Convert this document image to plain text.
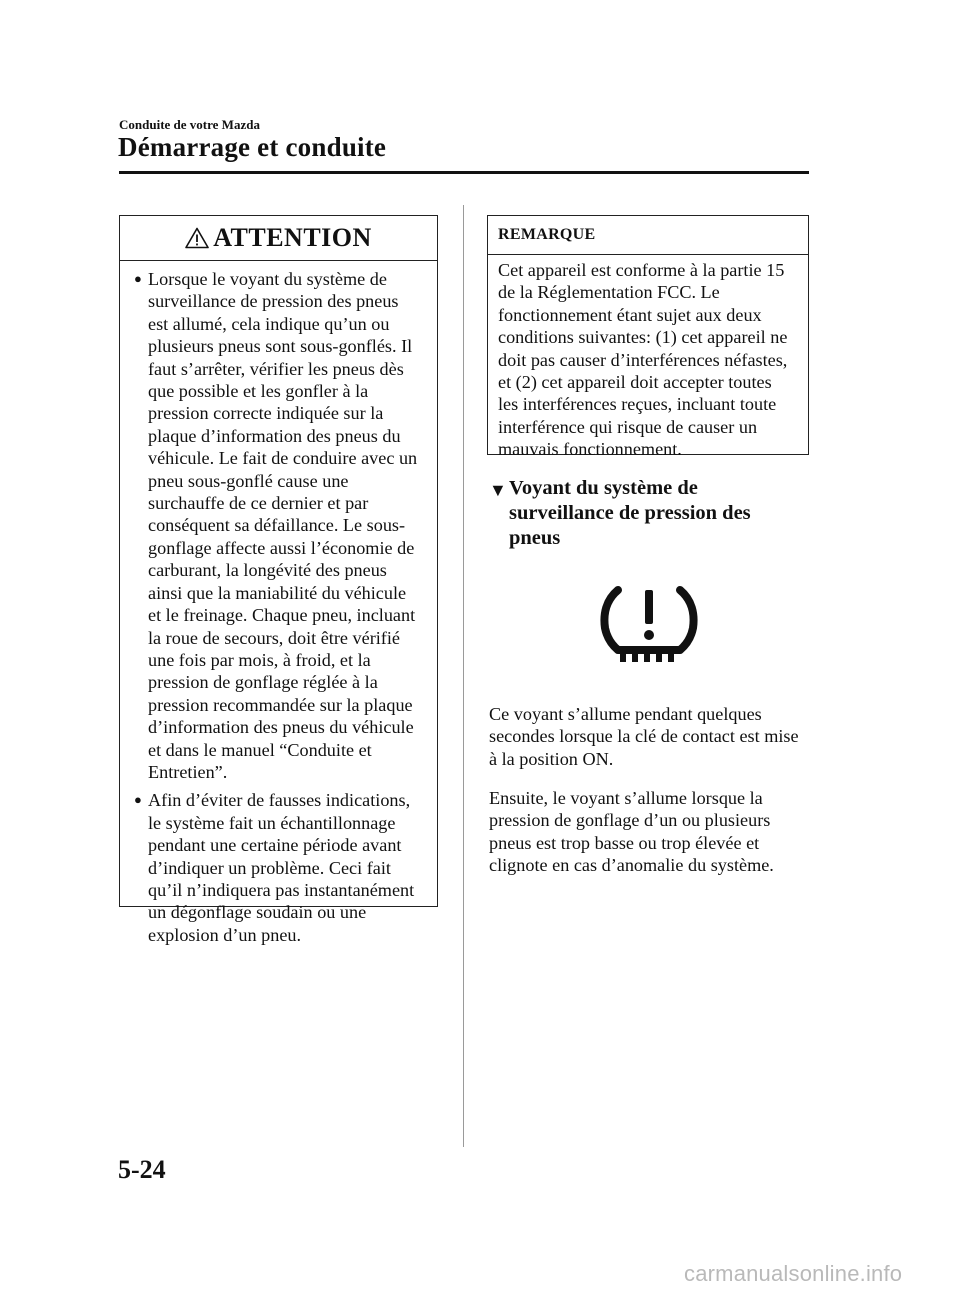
Conduite de votre Mazda
Démarrage et conduite
ATTENTION
● Lorsque le voyant du système de
surveillance de pression des pneus
est allumé, cela indique qu’un ou
plusieurs pneus sont sous-gonflés. Il
faut s’arrêter, vérifier les pneus dès
que possible et les gonfler à la
pression correcte indiquée sur la
plaque d’information des pneus du
véhicule. Le fait de conduire avec un
pneu sous-gonflé cause une
surchauffe de ce dernier et par
conséquent sa défaillance. Le sous-
gonflage affecte aussi l’économie de
carburant, la longévité des pneus
ainsi que la maniabilité du véhicule
et le freinage. Chaque pneu, incluant
la roue de secours, doit être vérifié
une fois par mois, à froid, et la
pression de gonflage réglée à la
pression recommandée sur la plaque
d’information des pneus du véhicule
et dans le manuel “Conduite et
Entretien”.
● Afin d’éviter de fausses indications,
le système fait un échantillonnage
pendant une certaine période avant
d’indiquer un problème. Ceci fait
qu’il n’indiquera pas instantanément
un dégonflage soudain ou une
explosion d’un pneu.
REMARQUE
Cet appareil est conforme à la partie 15
de la Réglementation FCC. Le
fonctionnement étant sujet aux deux
conditions suivantes: (1) cet appareil ne
doit pas causer d’interférences néfastes,
et (2) cet appareil doit accepter toutes
les interférences reçues, incluant toute
interférence qui risque de causer un
mauvais fonctionnement.
▼ Voyant du système de
surveillance de pression des
pneus
Ce voyant s’allume pendant quelques
secondes lorsque la clé de contact est mise
à la position ON.
Ensuite, le voyant s’allume lorsque la
pression de gonflage d’un ou plusieurs
pneus est trop basse ou trop élevée et
clignote en cas d’anomalie du système.
5-24
carmanualsonline.info
